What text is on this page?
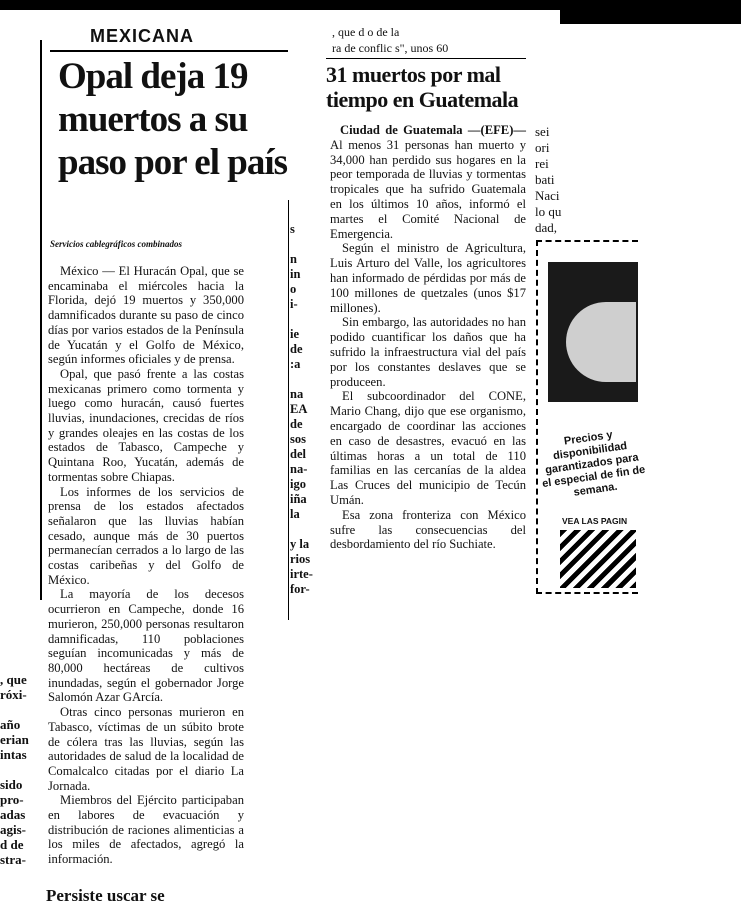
, que
róxi-

año
erian
intas

sido
pro-
adas
agis-
d de
stra-
MEXICANA
Opal deja 19 muertos a su paso por el país
Servicios cablegráficos combinados

México — El Huracán Opal, que se encaminaba el miércoles hacia la Florida, dejó 19 muertos y 350,000 damnificados durante su paso de cinco días por varios estados de la Península de Yucatán y el Golfo de México, según informes oficiales y de prensa.

Opal, que pasó frente a las costas mexicanas primero como tormenta y luego como huracán, causó fuertes lluvias, inundaciones, crecidas de ríos y grandes oleajes en las costas de los estados de Tabasco, Campeche y Quintana Roo, Yucatán, además de tormentas sobre Chiapas.

Los informes de los servicios de prensa de los estados afectados señalaron que las lluvias habían cesado, aunque más de 30 puertos permanecían cerrados a lo largo de las costas caribeñas y del Golfo de México.

La mayoría de los decesos ocurrieron en Campeche, donde 16 murieron, 250,000 personas resultaron damnificadas, 110 poblaciones seguían incomunicadas y más de 80,000 hectáreas de cultivos inundadas, según el gobernador Jorge Salomón Azar GArcía.

Otras cinco personas murieron en Tabasco, víctimas de un súbito brote de cólera tras las lluvias, según las autoridades de salud de la localidad de Comalcalco citadas por el diario La Jornada.

Miembros del Ejército participaban en labores de evacuación y distribución de raciones alimenticias a los miles de afectados, agregó la información.

Persiste uscar se
s

n
in
o
i-

ie
de
:a

na
EA
de
sos
del
na-
igo
iña
la

y la
rios
irte-
for-
, que d o de la
ra de conflic s", unos 60
31 muertos por mal tiempo en Guatemala

Ciudad de Guatemala —(EFE)— Al menos 31 personas han muerto y 34,000 han perdido sus hogares en la peor temporada de lluvias y tormentas tropicales que ha sufrido Guatemala en los últimos 10 años, informó el martes el Comité Nacional de Emergencia.

Según el ministro de Agricultura, Luis Arturo del Valle, los agricultores han informado de pérdidas por más de 100 millones de quetzales (unos $17 millones).

Sin embargo, las autoridades no han podido cuantificar los daños que ha sufrido la infraestructura vial del país por los constantes deslaves que se produceen.

El subcoordinador del CONE, Mario Chang, dijo que ese organismo, encargado de coordinar las acciones en caso de desastres, evacuó en las últimas horas a un total de 110 familias en las cercanías de la aldea Las Cruces del municipio de Tecún Umán.

Esa zona fronteriza con México sufre las consecuencias del desbordamiento del río Suchiate.

sei
ori
rei
bati
Naci
lo qu
dad,
Precios y disponibilidad garantizados para el especial de fin de semana.
VEA LAS PAGIN
